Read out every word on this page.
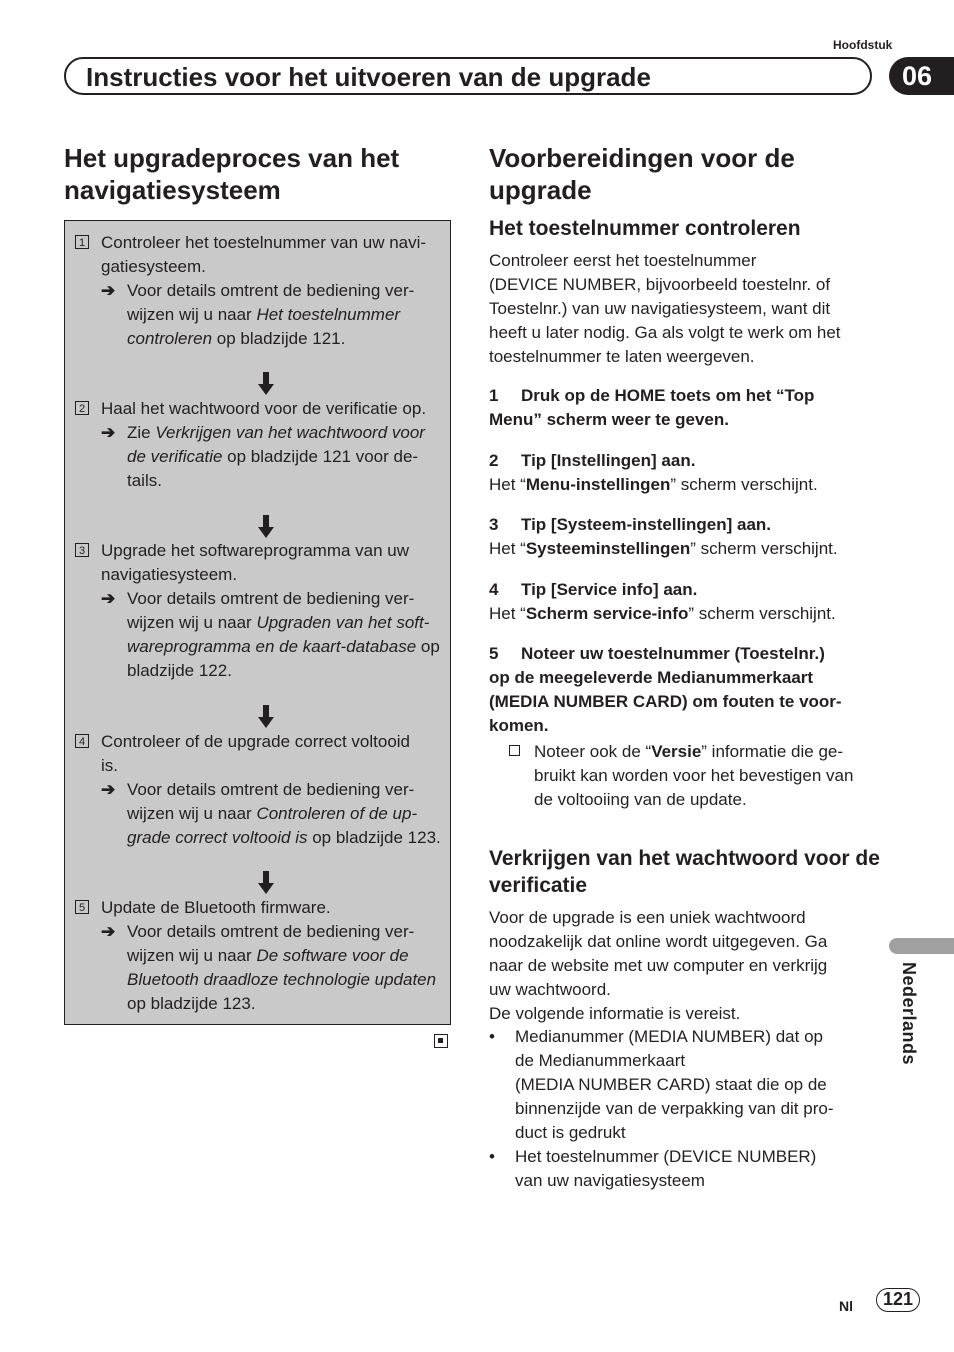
Hoofdstuk
Instructies voor het uitvoeren van de upgrade	06
Het upgradeproces van het navigatiesysteem
1 Controleer het toestelnummer van uw navi-
gatiesysteem.
➔ Voor details omtrent de bediening ver-
wijzen wij u naar Het toestelnummer
controleren op bladzijde 121.
2 Haal het wachtwoord voor de verificatie op.
➔ Zie Verkrijgen van het wachtwoord voor
de verificatie op bladzijde 121 voor de-
tails.
3 Upgrade het softwareprogramma van uw
navigatiesysteem.
➔ Voor details omtrent de bediening ver-
wijzen wij u naar Upgraden van het soft-
wareprogramma en de kaart-database op
bladzijde 122.
4 Controleer of de upgrade correct voltooid
is.
➔ Voor details omtrent de bediening ver-
wijzen wij u naar Controleren of de up-
grade correct voltooid is op bladzijde 123.
5 Update de Bluetooth firmware.
➔ Voor details omtrent de bediening ver-
wijzen wij u naar De software voor de
Bluetooth draadloze technologie updaten
op bladzijde 123.
Voorbereidingen voor de upgrade
Het toestelnummer controleren
Controleer eerst het toestelnummer
(DEVICE NUMBER, bijvoorbeeld toestelnr. of
Toestelnr.) van uw navigatiesysteem, want dit
heeft u later nodig. Ga als volgt te werk om het
toestelnummer te laten weergeven.
1 Druk op de HOME toets om het “Top
Menu” scherm weer te geven.
2 Tip [Instellingen] aan.
Het “Menu-instellingen” scherm verschijnt.
3 Tip [Systeem-instellingen] aan.
Het “Systeeminstellingen” scherm verschijnt.
4 Tip [Service info] aan.
Het “Scherm service-info” scherm verschijnt.
5 Noteer uw toestelnummer (Toestelnr.)
op de meegeleverde Medianummerkaart
(MEDIA NUMBER CARD) om fouten te voor-
komen.
Noteer ook de “Versie” informatie die ge-
bruikt kan worden voor het bevestigen van
de voltooiing van de update.
Verkrijgen van het wachtwoord voor de verificatie
Voor de upgrade is een uniek wachtwoord
noodzakelijk dat online wordt uitgegeven. Ga
naar de website met uw computer en verkrijg
uw wachtwoord.
De volgende informatie is vereist.
• Medianummer (MEDIA NUMBER) dat op
de Medianummerkaart
(MEDIA NUMBER CARD) staat die op de
binnenzijde van de verpakking van dit pro-
duct is gedrukt
• Het toestelnummer (DEVICE NUMBER)
van uw navigatiesysteem
Nederlands
Nl	121
